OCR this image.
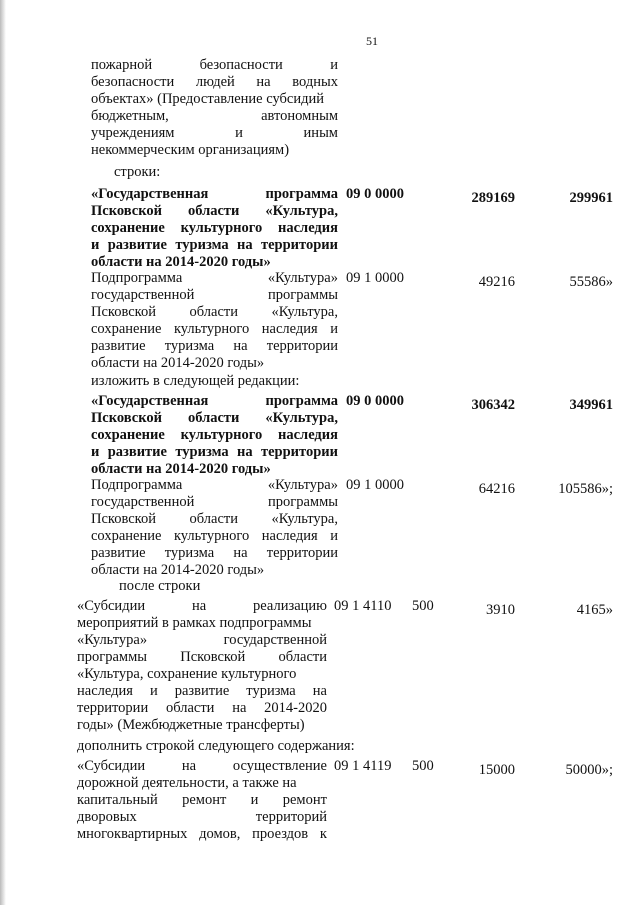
51
пожарной	безопасности	и
безопасности людей на водных
объектах» (Предоставление субсидий
бюджетным,	автономным
учреждениям	и	иным
некоммерческим организациям)
строки:
«Государственная	программа
Псковской области «Культура,
сохранение культурного наследия
и развитие туризма на территории
области на 2014-2020 годы»
09 0 0000	289169	299961
Подпрограмма	«Культура»
государственной	программы
Псковской области «Культура,
сохранение культурного наследия и
развитие туризма на территории
области на 2014-2020 годы»
09 1 0000	49216	55586»
изложить в следующей редакции:
«Государственная	программа
Псковской области «Культура,
сохранение культурного наследия
и развитие туризма на территории
области на 2014-2020 годы»
09 0 0000	306342	349961
Подпрограмма	«Культура»
государственной	программы
Псковской области «Культура,
сохранение культурного наследия и
развитие туризма на территории
области на 2014-2020 годы»
09 1 0000	64216	105586»;
после строки
«Субсидии	на	реализацию
мероприятий в рамках подпрограммы
«Культура»	государственной
программы Псковской области
«Культура, сохранение культурного
наследия и развитие туризма на
территории области на 2014-2020
годы» (Межбюджетные трансферты)
09 1 4110 500	3910	4165»
дополнить строкой следующего содержания:
«Субсидии	на	осуществление
дорожной деятельности, а также на
капитальный ремонт и ремонт
дворовых	территорий
многоквартирных домов, проездов к
09 1 4119 500	15000	50000»;
